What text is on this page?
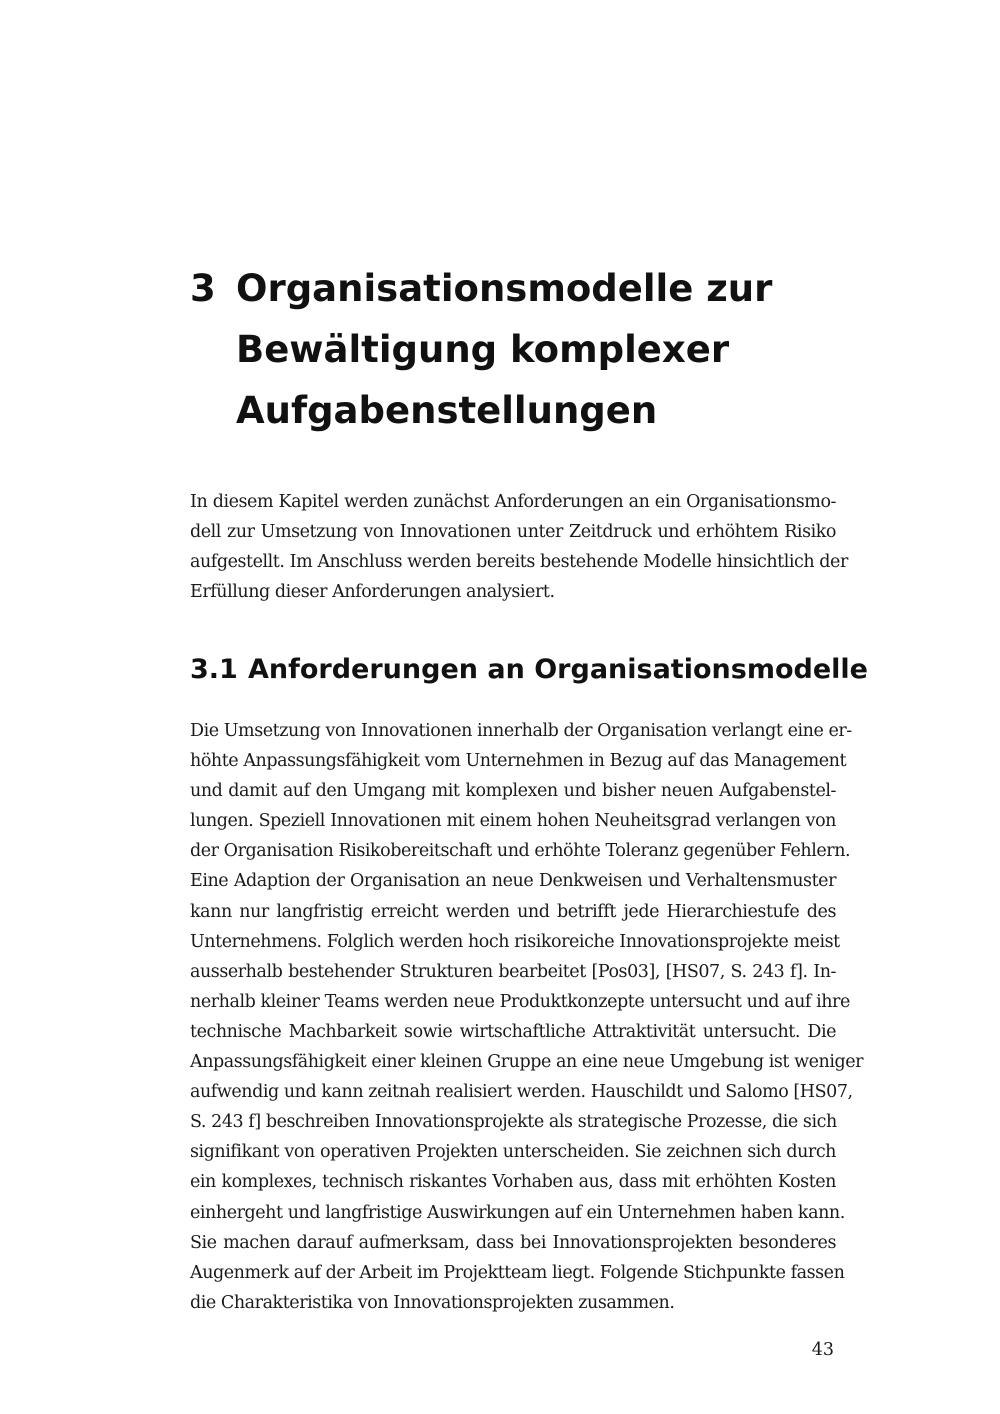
3 Organisationsmodelle zur
Bewältigung komplexer
Aufgabenstellungen
In diesem Kapitel werden zunächst Anforderungen an ein Organisationsmo-
dell zur Umsetzung von Innovationen unter Zeitdruck und erhöhtem Risiko
aufgestellt. Im Anschluss werden bereits bestehende Modelle hinsichtlich der
Erfüllung dieser Anforderungen analysiert.
3.1 Anforderungen an Organisationsmodelle
Die Umsetzung von Innovationen innerhalb der Organisation verlangt eine er-
höhte Anpassungsfähigkeit vom Unternehmen in Bezug auf das Management
und damit auf den Umgang mit komplexen und bisher neuen Aufgabenstel-
lungen. Speziell Innovationen mit einem hohen Neuheitsgrad verlangen von
der Organisation Risikobereitschaft und erhöhte Toleranz gegenüber Fehlern.
Eine Adaption der Organisation an neue Denkweisen und Verhaltensmuster
kann nur langfristig erreicht werden und betrifft jede Hierarchiestufe des
Unternehmens. Folglich werden hoch risikoreiche Innovationsprojekte meist
ausserhalb bestehender Strukturen bearbeitet [Pos03], [HS07, S. 243 f]. In-
nerhalb kleiner Teams werden neue Produktkonzepte untersucht und auf ihre
technische Machbarkeit sowie wirtschaftliche Attraktivität untersucht. Die
Anpassungsfähigkeit einer kleinen Gruppe an eine neue Umgebung ist weniger
aufwendig und kann zeitnah realisiert werden. Hauschildt und Salomo [HS07,
S. 243 f] beschreiben Innovationsprojekte als strategische Prozesse, die sich
signifikant von operativen Projekten unterscheiden. Sie zeichnen sich durch
ein komplexes, technisch riskantes Vorhaben aus, dass mit erhöhten Kosten
einhergeht und langfristige Auswirkungen auf ein Unternehmen haben kann.
Sie machen darauf aufmerksam, dass bei Innovationsprojekten besonderes
Augenmerk auf der Arbeit im Projektteam liegt. Folgende Stichpunkte fassen
die Charakteristika von Innovationsprojekten zusammen.
43
